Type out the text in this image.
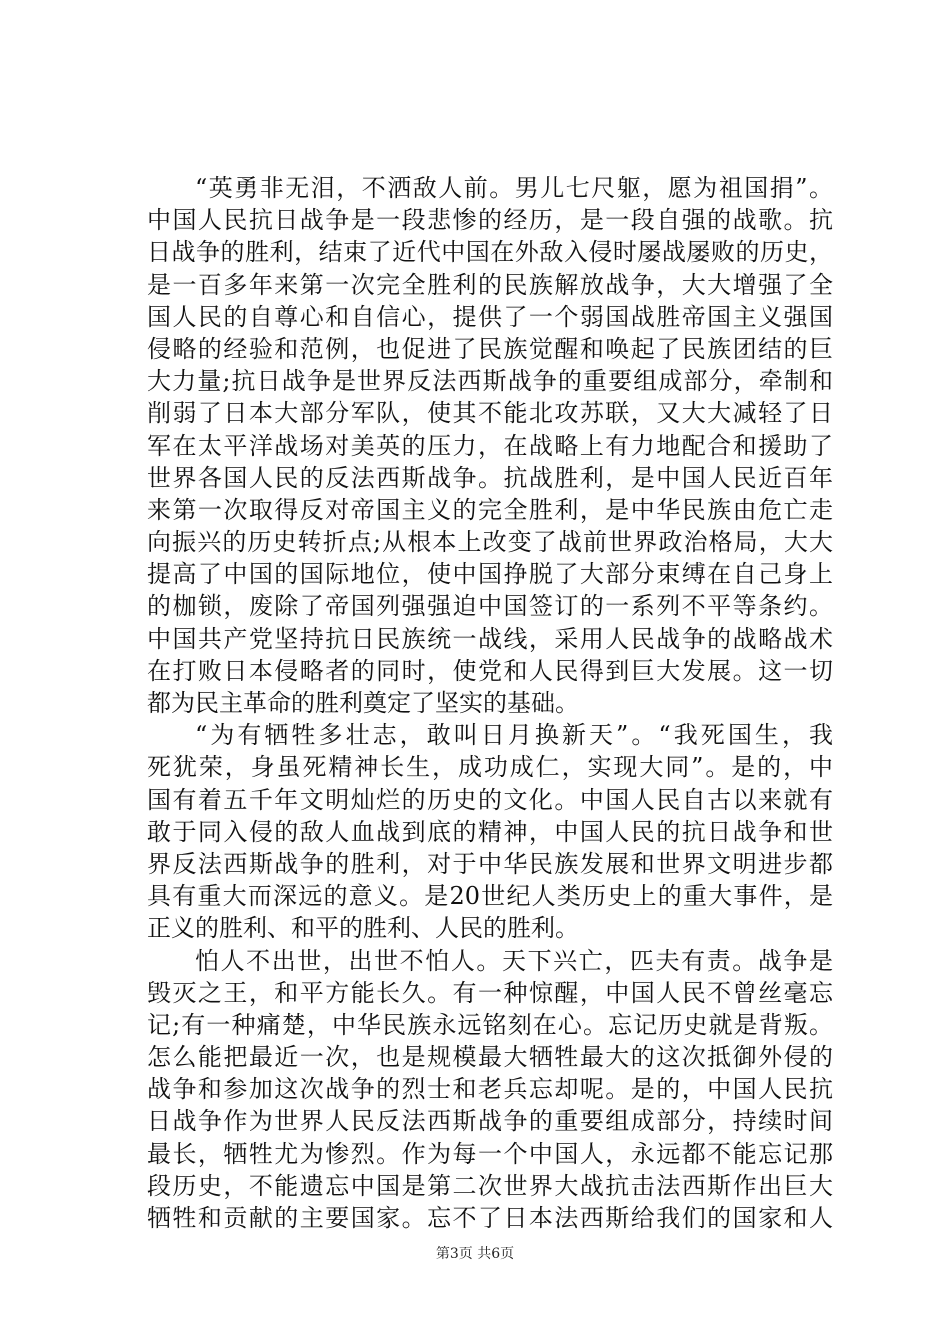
“英勇非无泪，不洒敌人前。男儿七尺躯，愿为祖国捐”。
中国人民抗日战争是一段悲惨的经历，是一段自强的战歌。抗
日战争的胜利，结束了近代中国在外敌入侵时屡战屡败的历史，
是一百多年来第一次完全胜利的民族解放战争，大大增强了全
国人民的自尊心和自信心，提供了一个弱国战胜帝国主义强国
侵略的经验和范例，也促进了民族觉醒和唤起了民族团结的巨
大力量;抗日战争是世界反法西斯战争的重要组成部分，牵制和
削弱了日本大部分军队，使其不能北攻苏联，又大大减轻了日
军在太平洋战场对美英的压力，在战略上有力地配合和援助了
世界各国人民的反法西斯战争。抗战胜利，是中国人民近百年
来第一次取得反对帝国主义的完全胜利，是中华民族由危亡走
向振兴的历史转折点;从根本上改变了战前世界政治格局，大大
提高了中国的国际地位，使中国挣脱了大部分束缚在自己身上
的枷锁，废除了帝国列强强迫中国签订的一系列不平等条约。
中国共产党坚持抗日民族统一战线，采用人民战争的战略战术
在打败日本侵略者的同时，使党和人民得到巨大发展。这一切
都为民主革命的胜利奠定了坚实的基础。
“为有牺牲多壮志，敢叫日月换新天”。“我死国生，我
死犹荣，身虽死精神长生，成功成仁，实现大同”。是的，中
国有着五千年文明灿烂的历史的文化。中国人民自古以来就有
敢于同入侵的敌人血战到底的精神，中国人民的抗日战争和世
界反法西斯战争的胜利，对于中华民族发展和世界文明进步都
具有重大而深远的意义。是20世纪人类历史上的重大事件，是
正义的胜利、和平的胜利、人民的胜利。
怕人不出世，出世不怕人。天下兴亡，匹夫有责。战争是
毁灭之王，和平方能长久。有一种惊醒，中国人民不曾丝毫忘
记;有一种痛楚，中华民族永远铭刻在心。忘记历史就是背叛。
怎么能把最近一次，也是规模最大牺牲最大的这次抵御外侵的
战争和参加这次战争的烈士和老兵忘却呢。是的，中国人民抗
日战争作为世界人民反法西斯战争的重要组成部分，持续时间
最长，牺牲尤为惨烈。作为每一个中国人，永远都不能忘记那
段历史，不能遗忘中国是第二次世界大战抗击法西斯作出巨大
牺牲和贡献的主要国家。忘不了日本法西斯给我们的国家和人
第3页 共6页
